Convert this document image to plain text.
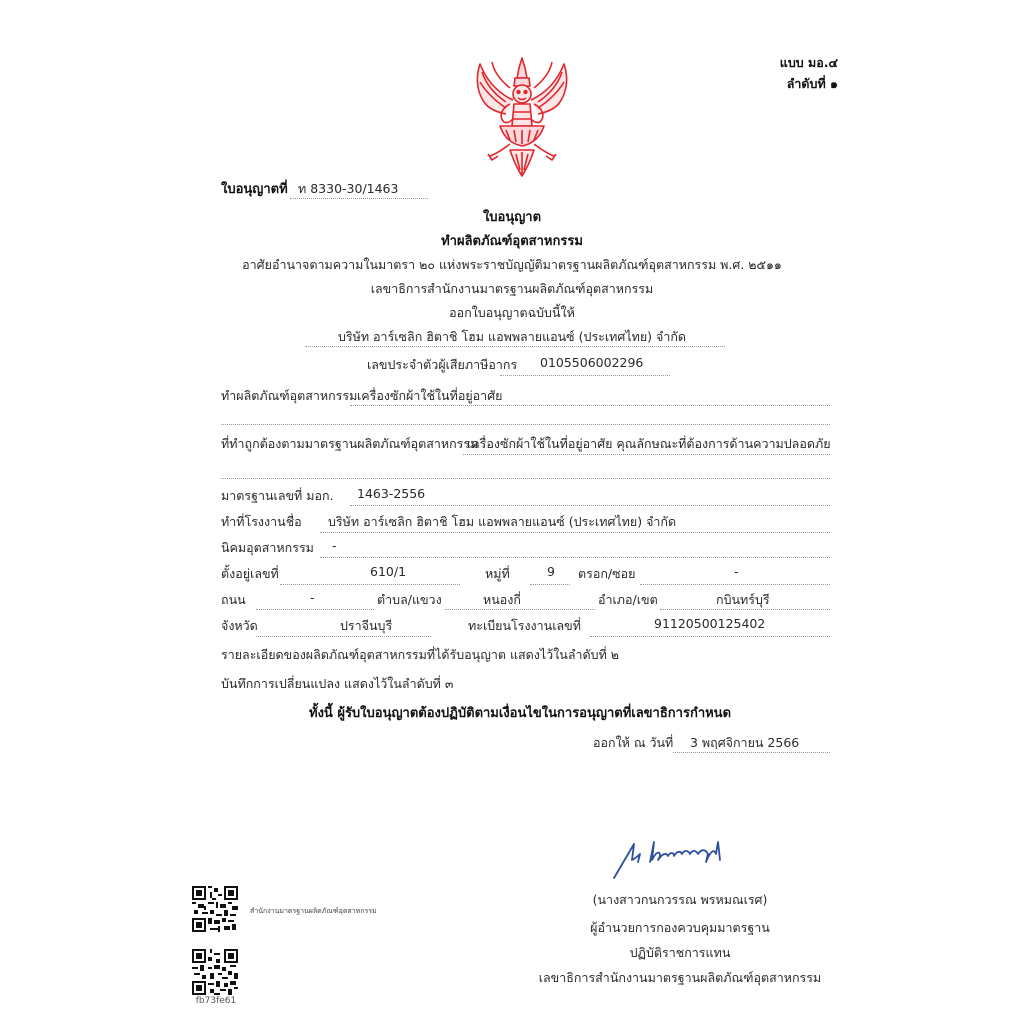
แบบ มอ.๔
ลำดับที่ ๑
ใบอนุญาตที่ ท 8330-30/1463
ใบอนุญาต
ทำผลิตภัณฑ์อุตสาหกรรม
อาศัยอำนาจตามความในมาตรา ๒๐ แห่งพระราชบัญญัติมาตรฐานผลิตภัณฑ์อุตสาหกรรม พ.ศ. ๒๕๑๑
เลขาธิการสำนักงานมาตรฐานผลิตภัณฑ์อุตสาหกรรม
ออกใบอนุญาตฉบับนี้ให้
บริษัท อาร์เซลิก ฮิตาชิ โฮม แอพพลายแอนซ์ (ประเทศไทย) จำกัด
เลขประจำตัวผู้เสียภาษีอากร 0105506002296
ทำผลิตภัณฑ์อุตสาหกรรม เครื่องซักผ้าใช้ในที่อยู่อาศัย
ที่ทำถูกต้องตามมาตรฐานผลิตภัณฑ์อุตสาหกรรม
เครื่องซักผ้าใช้ในที่อยู่อาศัย คุณลักษณะที่ต้องการด้านความปลอดภัย
มาตรฐานเลขที่ มอก. 1463-2556
ทำที่โรงงานชื่อ บริษัท อาร์เซลิก ฮิตาชิ โฮม แอพพลายแอนซ์ (ประเทศไทย) จำกัด
นิคมอุตสาหกรรม -
ตั้งอยู่เลขที่	610/1	หมู่ที่	9 ตรอก/ซอย	-
ถนน	-	ตำบล/แขวง	หนองกี่	อำเภอ/เขต	กบินทร์บุรี
จังหวัด	ปราจีนบุรี	ทะเบียนโรงงานเลขที่	91120500125402
รายละเอียดของผลิตภัณฑ์อุตสาหกรรมที่ได้รับอนุญาต แสดงไว้ในลำดับที่ ๒
บันทึกการเปลี่ยนแปลง แสดงไว้ในลำดับที่ ๓
ทั้งนี้ ผู้รับใบอนุญาตต้องปฏิบัติตามเงื่อนไขในการอนุญาตที่เลขาธิการกำหนด
ออกให้ ณ วันที่ 3 พฤศจิกายน 2566
(นางสาวกนกวรรณ พรหมณเรศ)
ผู้อำนวยการกองควบคุมมาตรฐาน
ปฏิบัติราชการแทน
เลขาธิการสำนักงานมาตรฐานผลิตภัณฑ์อุตสาหกรรม
สำนักงานมาตรฐานผลิตภัณฑ์อุตสาหกรรม
fb73fe61
